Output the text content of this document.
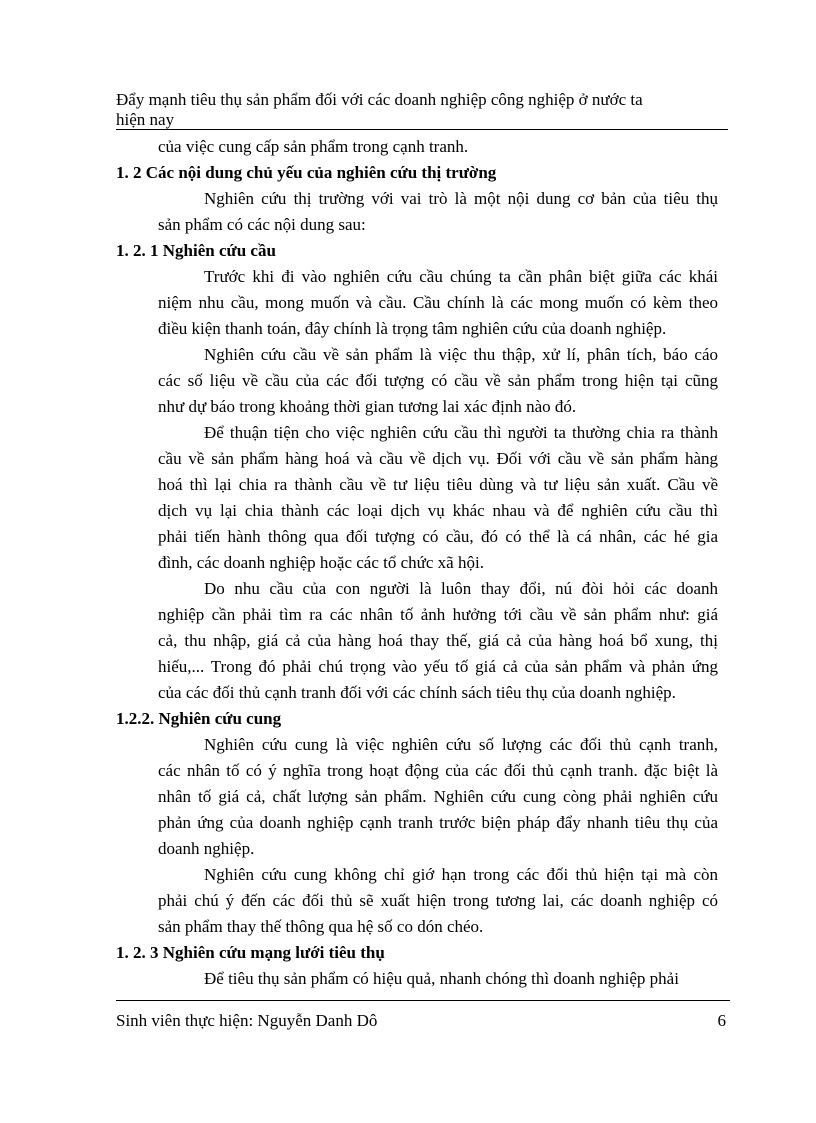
Đẩy mạnh tiêu thụ sản phẩm đối với các doanh nghiệp công nghiệp ở nước ta
hiện nay
của việc cung cấp sản phẩm trong cạnh tranh.
1. 2 Các nội dung chủ yếu của nghiên cứu thị trường
Nghiên cứu thị trường với vai trò là một nội dung cơ bản của tiêu thụ
sản phẩm có các nội dung sau:
1. 2. 1 Nghiên cứu cầu
Trước khi đi vào nghiên cứu cầu chúng ta cần phân biệt giữa các khái
niệm nhu cầu, mong muốn và cầu. Cầu chính là các mong muốn có kèm theo
điều kiện thanh toán, đây chính là trọng tâm nghiên cứu của doanh nghiệp.
Nghiên cứu cầu về sản phẩm là việc thu thập, xử lí, phân tích, báo cáo
các số liệu về cầu của các đối tượng có cầu về sản phẩm trong hiện tại cũng
như dự báo trong khoảng thời gian tương lai xác định nào đó.
Để thuận tiện cho việc nghiên cứu cầu thì người ta thường chia ra thành
cầu về sản phẩm hàng hoá và cầu về dịch vụ. Đối với cầu về sản phẩm hàng
hoá thì lại chia ra thành cầu về tư liệu tiêu dùng và tư liệu sản xuất. Cầu về
dịch vụ lại chia thành các loại dịch vụ khác nhau và để nghiên cứu cầu thì
phải tiến hành thông qua đối tượng có cầu, đó có thể là cá nhân, các hé gia
đình, các doanh nghiệp hoặc các tổ chức xã hội.
Do nhu cầu của con người là luôn thay đổi, nú đòi hỏi các doanh
nghiệp cần phải tìm ra các nhân tố ảnh hưởng tới cầu về sản phẩm như: giá
cả, thu nhập, giá cả của hàng hoá thay thế, giá cả của hàng hoá bổ xung, thị
hiếu,... Trong đó phải chú trọng vào yếu tố giá cả của sản phẩm và phản ứng
của các đối thủ cạnh tranh đối với các chính sách tiêu thụ của doanh nghiệp.
1.2.2. Nghiên cứu cung
Nghiên cứu cung là việc nghiên cứu số lượng các đối thủ cạnh tranh,
các nhân tố có ý nghĩa trong hoạt động của các đối thủ cạnh tranh. đặc biệt là
nhân tố giá cả, chất lượng sản phẩm. Nghiên cứu cung còng phải nghiên cứu
phản ứng của doanh nghiệp cạnh tranh trước biện pháp đẩy nhanh tiêu thụ của
doanh nghiệp.
Nghiên cứu cung không chỉ giớ hạn trong các đối thủ hiện tại mà còn
phải chú ý đến các đối thủ sẽ xuất hiện trong tương lai, các doanh nghiệp có
sản phẩm thay thế thông qua hệ số co dón chéo.
1. 2. 3 Nghiên cứu mạng lưới tiêu thụ
Để tiêu thụ sản phẩm có hiệu quả, nhanh chóng thì doanh nghiệp phải
Sinh viên thực hiện: Nguyễn Danh Dô	6
